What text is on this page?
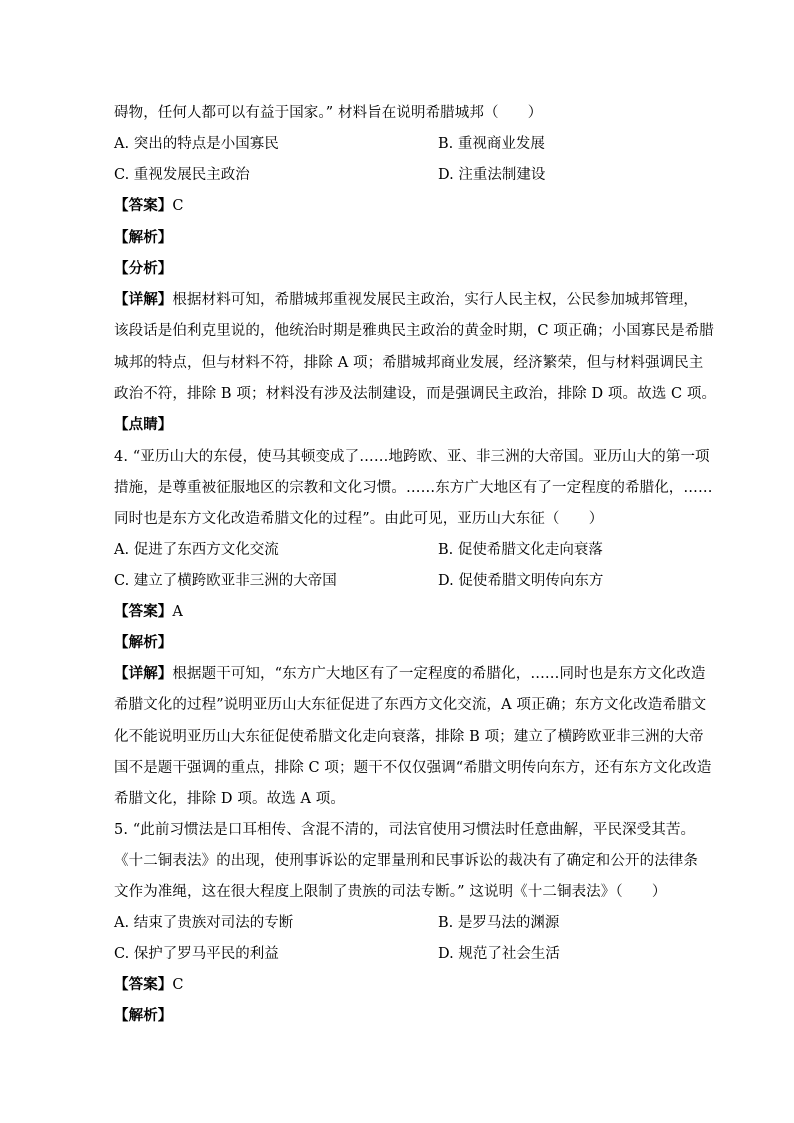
碍物，任何人都可以有益于国家。” 材料旨在说明希腊城邦（　　）
A. 突出的特点是小国寡民	B. 重视商业发展
C. 重视发展民主政治	D. 注重法制建设
【答案】C
【解析】
【分析】
【详解】根据材料可知，希腊城邦重视发展民主政治，实行人民主权，公民参加城邦管理，
该段话是伯利克里说的，他统治时期是雅典民主政治的黄金时期，C 项正确；小国寡民是希腊
城邦的特点，但与材料不符，排除 A 项；希腊城邦商业发展，经济繁荣，但与材料强调民主
政治不符，排除 B 项；材料没有涉及法制建设，而是强调民主政治，排除 D 项。故选 C 项。
【点睛】
4. “亚历山大的东侵，使马其顿变成了……地跨欧、亚、非三洲的大帝国。亚历山大的第一项
措施，是尊重被征服地区的宗教和文化习惯。……东方广大地区有了一定程度的希腊化，……
同时也是东方文化改造希腊文化的过程”。由此可见，亚历山大东征（　　）
A. 促进了东西方文化交流	B. 促使希腊文化走向衰落
C. 建立了横跨欧亚非三洲的大帝国	D. 促使希腊文明传向东方
【答案】A
【解析】
【详解】根据题干可知，“东方广大地区有了一定程度的希腊化，……同时也是东方文化改造
希腊文化的过程”说明亚历山大东征促进了东西方文化交流，A 项正确；东方文化改造希腊文
化不能说明亚历山大东征促使希腊文化走向衰落，排除 B 项；建立了横跨欧亚非三洲的大帝
国不是题干强调的重点，排除 C 项；题干不仅仅强调“希腊文明传向东方，还有东方文化改造
希腊文化，排除 D 项。故选 A 项。
5. “此前习惯法是口耳相传、含混不清的，司法官使用习惯法时任意曲解，平民深受其苦。
《十二铜表法》的出现，使刑事诉讼的定罪量刑和民事诉讼的裁决有了确定和公开的法律条
文作为准绳，这在很大程度上限制了贵族的司法专断。” 这说明《十二铜表法》（　　）
A. 结束了贵族对司法的专断	B. 是罗马法的渊源
C. 保护了罗马平民的利益	D. 规范了社会生活
【答案】C
【解析】
